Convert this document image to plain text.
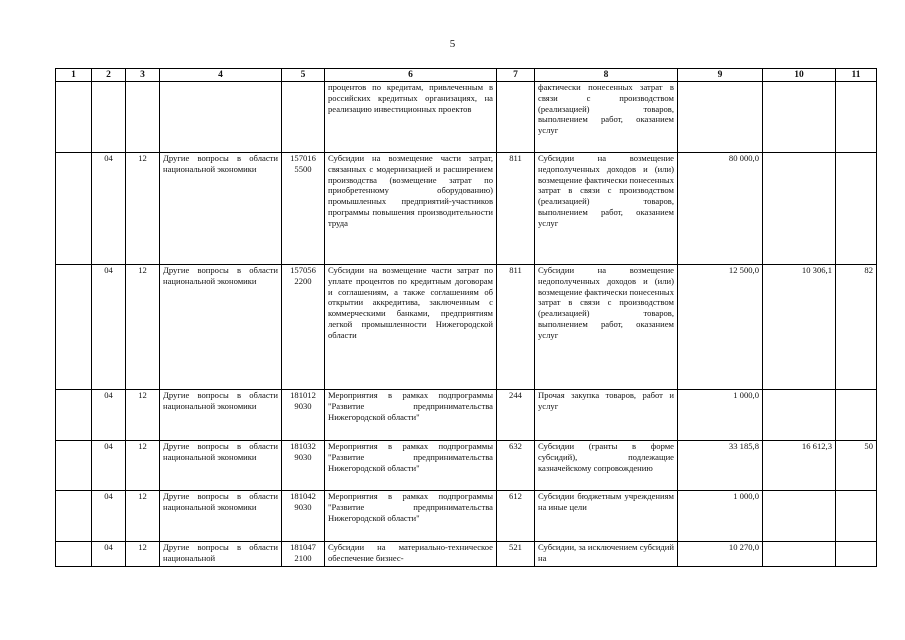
5
1	2	3	4	5	6	7	8	9	10	11
					процентов по кредитам, привлеченным в российских кредитных организациях, на реализацию инвестиционных проектов		фактически понесенных затрат в связи с производством (реализацией) товаров, выполнением работ, оказанием услуг			
	04	12	Другие вопросы в области национальной экономики	157016 5500	Субсидии на возмещение части затрат, связанных с модернизацией и расширением производства (возмещение затрат по приобретенному оборудованию) промышленных предприятий-участников программы повышения производительности труда	811	Субсидии на возмещение недополученных доходов и (или) возмещение фактически понесенных затрат в связи с производством (реализацией) товаров, выполнением работ, оказанием услуг	80 000,0		
	04	12	Другие вопросы в области национальной экономики	157056 2200	Субсидии на возмещение части затрат по уплате процентов по кредитным договорам и соглашениям, а также соглашениям об открытии аккредитива, заключенным с коммерческими банками, предприятиям легкой промышленности Нижегородской области	811	Субсидии на возмещение недополученных доходов и (или) возмещение фактически понесенных затрат в связи с производством (реализацией) товаров, выполнением работ, оказанием услуг	12 500,0	10 306,1	82
	04	12	Другие вопросы в области национальной экономики	181012 9030	Мероприятия в рамках подпрограммы "Развитие предпринимательства Нижегородской области"	244	Прочая закупка товаров, работ и услуг	1 000,0		
	04	12	Другие вопросы в области национальной экономики	181032 9030	Мероприятия в рамках подпрограммы "Развитие предпринимательства Нижегородской области"	632	Субсидии (гранты в форме субсидий), подлежащие казначейскому сопровождению	33 185,8	16 612,3	50
	04	12	Другие вопросы в области национальной экономики	181042 9030	Мероприятия в рамках подпрограммы "Развитие предпринимательства Нижегородской области"	612	Субсидии бюджетным учреждениям на иные цели	1 000,0		
	04	12	Другие вопросы в области национальной	181047 2100	Субсидии на материально-техническое обеспечение бизнес-	521	Субсидии, за исключением субсидий на	10 270,0		
